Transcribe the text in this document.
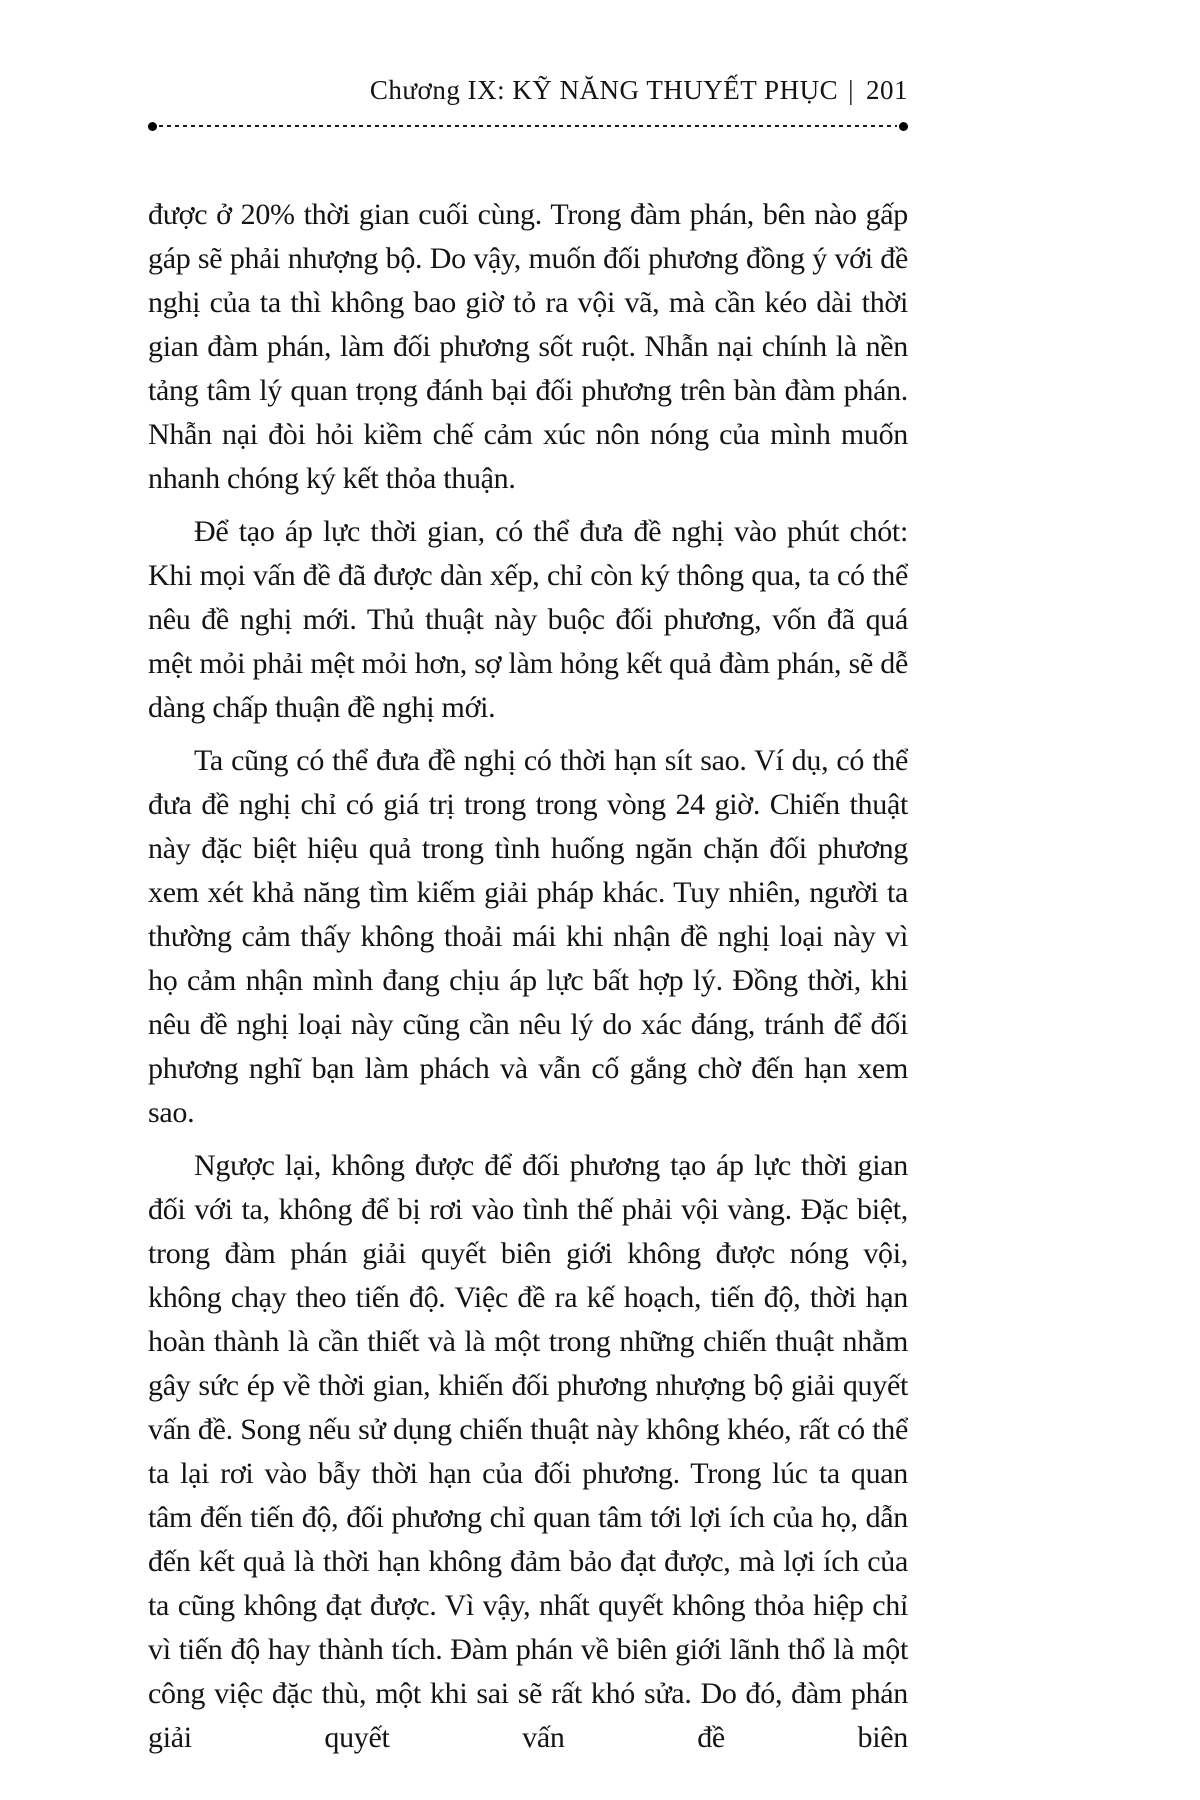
Chương IX: KỸ NĂNG THUYẾT PHỤC | 201

được ở 20% thời gian cuối cùng. Trong đàm phán, bên nào gấp gáp sẽ phải nhượng bộ. Do vậy, muốn đối phương đồng ý với đề nghị của ta thì không bao giờ tỏ ra vội vã, mà cần kéo dài thời gian đàm phán, làm đối phương sốt ruột. Nhẫn nại chính là nền tảng tâm lý quan trọng đánh bại đối phương trên bàn đàm phán. Nhẫn nại đòi hỏi kiềm chế cảm xúc nôn nóng của mình muốn nhanh chóng ký kết thỏa thuận.

Để tạo áp lực thời gian, có thể đưa đề nghị vào phút chót: Khi mọi vấn đề đã được dàn xếp, chỉ còn ký thông qua, ta có thể nêu đề nghị mới. Thủ thuật này buộc đối phương, vốn đã quá mệt mỏi phải mệt mỏi hơn, sợ làm hỏng kết quả đàm phán, sẽ dễ dàng chấp thuận đề nghị mới.

Ta cũng có thể đưa đề nghị có thời hạn sít sao. Ví dụ, có thể đưa đề nghị chỉ có giá trị trong trong vòng 24 giờ. Chiến thuật này đặc biệt hiệu quả trong tình huống ngăn chặn đối phương xem xét khả năng tìm kiếm giải pháp khác. Tuy nhiên, người ta thường cảm thấy không thoải mái khi nhận đề nghị loại này vì họ cảm nhận mình đang chịu áp lực bất hợp lý. Đồng thời, khi nêu đề nghị loại này cũng cần nêu lý do xác đáng, tránh để đối phương nghĩ bạn làm phách và vẫn cố gắng chờ đến hạn xem sao.

Ngược lại, không được để đối phương tạo áp lực thời gian đối với ta, không để bị rơi vào tình thế phải vội vàng. Đặc biệt, trong đàm phán giải quyết biên giới không được nóng vội, không chạy theo tiến độ. Việc đề ra kế hoạch, tiến độ, thời hạn hoàn thành là cần thiết và là một trong những chiến thuật nhằm gây sức ép về thời gian, khiến đối phương nhượng bộ giải quyết vấn đề. Song nếu sử dụng chiến thuật này không khéo, rất có thể ta lại rơi vào bẫy thời hạn của đối phương. Trong lúc ta quan tâm đến tiến độ, đối phương chỉ quan tâm tới lợi ích của họ, dẫn đến kết quả là thời hạn không đảm bảo đạt được, mà lợi ích của ta cũng không đạt được. Vì vậy, nhất quyết không thỏa hiệp chỉ vì tiến độ hay thành tích. Đàm phán về biên giới lãnh thổ là một công việc đặc thù, một khi sai sẽ rất khó sửa. Do đó, đàm phán giải quyết vấn đề biên
